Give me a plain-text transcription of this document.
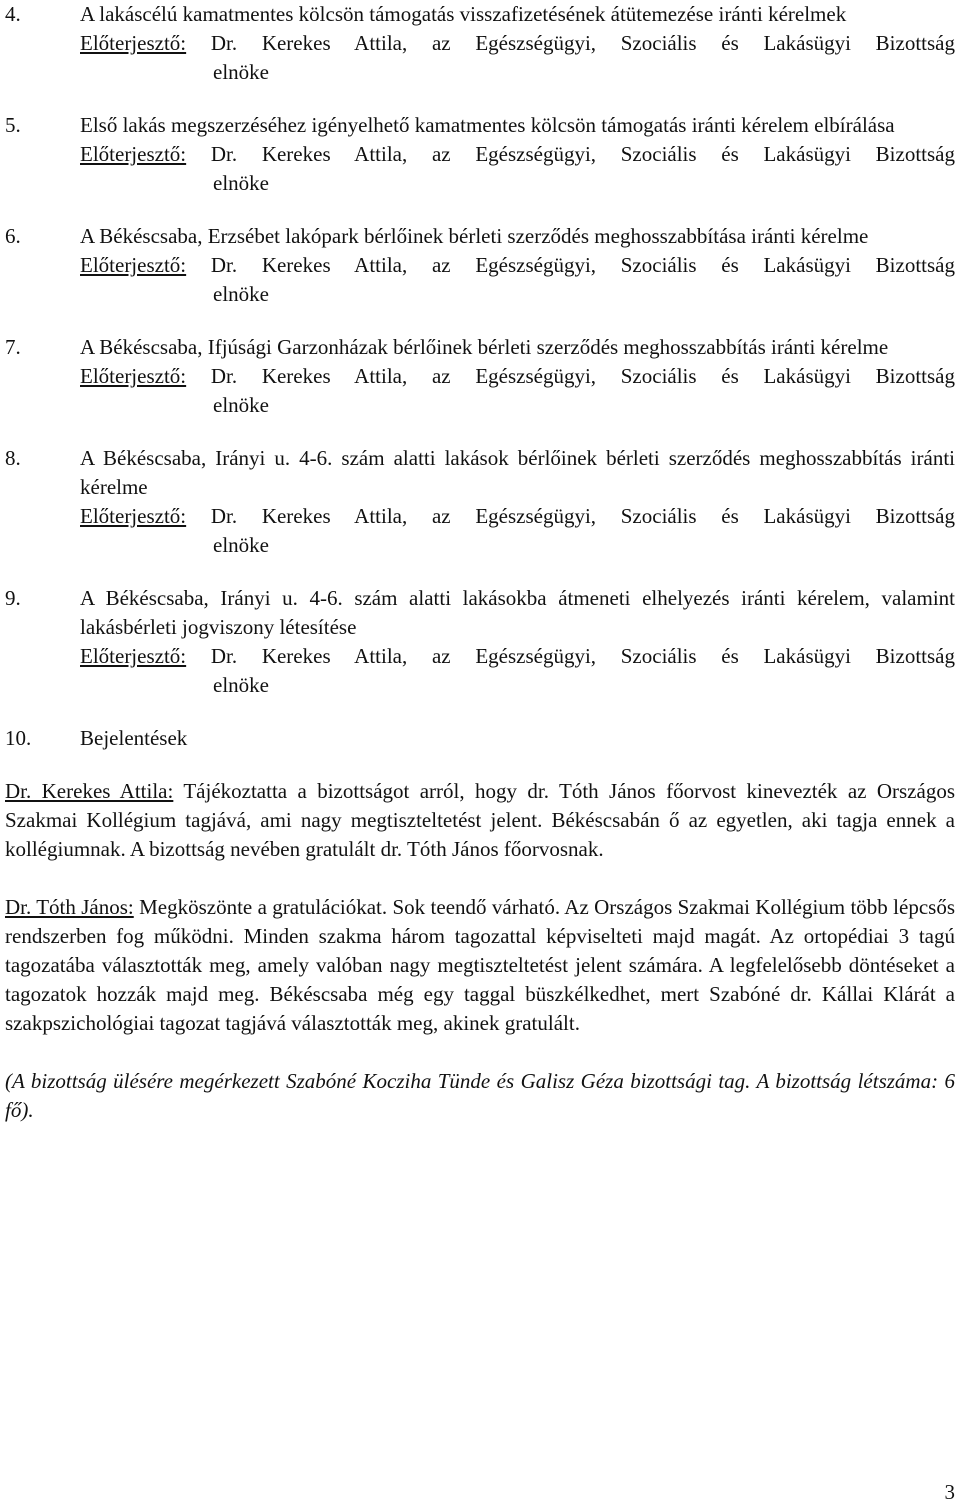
4.	A lakáscélú kamatmentes kölcsön támogatás visszafizetésének átütemezése iránti kérelmek
Előterjesztő: Dr. Kerekes Attila, az Egészségügyi, Szociális és Lakásügyi Bizottság
elnöke
5.	Első lakás megszerzéséhez igényelhető kamatmentes kölcsön támogatás iránti kérelem elbírálása
Előterjesztő: Dr. Kerekes Attila, az Egészségügyi, Szociális és Lakásügyi Bizottság
elnöke
6.	A Békéscsaba, Erzsébet lakópark bérlőinek bérleti szerződés meghosszabbítása iránti kérelme
Előterjesztő: Dr. Kerekes Attila, az Egészségügyi, Szociális és Lakásügyi Bizottság
elnöke
7.	A Békéscsaba, Ifjúsági Garzonházak bérlőinek bérleti szerződés meghosszabbítás iránti kérelme
Előterjesztő: Dr. Kerekes Attila, az Egészségügyi, Szociális és Lakásügyi Bizottság
elnöke
8.	A Békéscsaba, Irányi u. 4-6. szám alatti lakások bérlőinek bérleti szerződés meghosszabbítás iránti kérelme
Előterjesztő: Dr. Kerekes Attila, az Egészségügyi, Szociális és Lakásügyi Bizottság
elnöke
9.	A Békéscsaba, Irányi u. 4-6. szám alatti lakásokba átmeneti elhelyezés iránti kérelem, valamint lakásbérleti jogviszony létesítése
Előterjesztő: Dr. Kerekes Attila, az Egészségügyi, Szociális és Lakásügyi Bizottság
elnöke
10. Bejelentések

Dr. Kerekes Attila: Tájékoztatta a bizottságot arról, hogy dr. Tóth János főorvost kinevezték az Országos Szakmai Kollégium tagjává, ami nagy megtiszteltetést jelent. Békéscsabán ő az egyetlen, aki tagja ennek a kollégiumnak. A bizottság nevében gratulált dr. Tóth János főorvosnak.

Dr. Tóth János: Megköszönte a gratulációkat. Sok teendő várható. Az Országos Szakmai Kollégium több lépcsős rendszerben fog működni. Minden szakma három tagozattal képviselteti majd magát. Az ortopédiai 3 tagú tagozatába választották meg, amely valóban nagy megtiszteltetést jelent számára. A legfelelősebb döntéseket a tagozatok hozzák majd meg. Békéscsaba még egy taggal büszkélkedhet, mert Szabóné dr. Kállai Klárát a szakpszichológiai tagozat tagjává választották meg, akinek gratulált.

(A bizottság ülésére megérkezett Szabóné Kocziha Tünde és Galisz Géza bizottsági tag. A bizottság létszáma: 6 fő).

3
